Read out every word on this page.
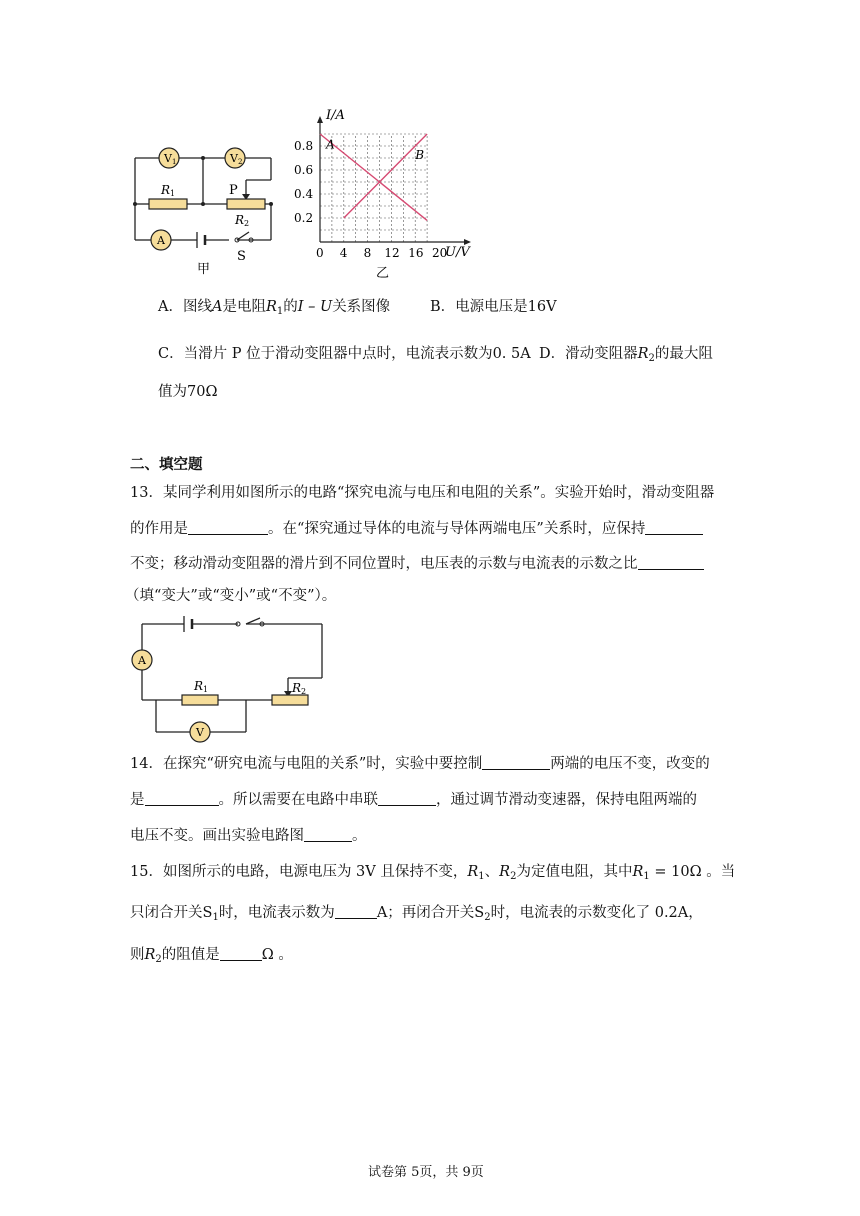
V1	V2
R1	P
R2
A
S
甲
A
B
0 4 8 12 16 20
0.2
0.4
0.6
0.8
I/A
U/V
乙
A．图线A是电阻$R_1$的I – U关系图像	B．电源电压是16V
C．当滑片 P 位于滑动变阻器中点时，电流表示数为0. 5A D．滑动变阻器$R_2$的最大阻
值为70Ω
二、填空题
13．某同学利用如图所示的电路“探究电流与电压和电阻的关系”。实验开始时，滑动变阻器
的作用是	。在“探究通过导体的电流与导体两端电压”关系时，应保持
不变；移动滑动变阻器的滑片到不同位置时，电压表的示数与电流表的示数之比
（填“变大”或“变小”或“不变”）。
A
R1	R2
V
14．在探究“研究电流与电阻的关系”时，实验中要控制	两端的电压不变，改变的
是	。所以需要在电路中串联	，通过调节滑动变速器，保持电阻两端的
电压不变。画出实验电路图	。
15．如图所示的电路，电源电压为 3V 且保持不变，$R_1$、$R_2$为定值电阻，其中$R_1 = 10\Omega$ 。当
只闭合开关$S_1$时，电流表示数为	A；再闭合开关$S_2$时，电流表的示数变化了 0.2A，
则$R_2$的阻值是	Ω 。
试卷第 5页，共 9页
